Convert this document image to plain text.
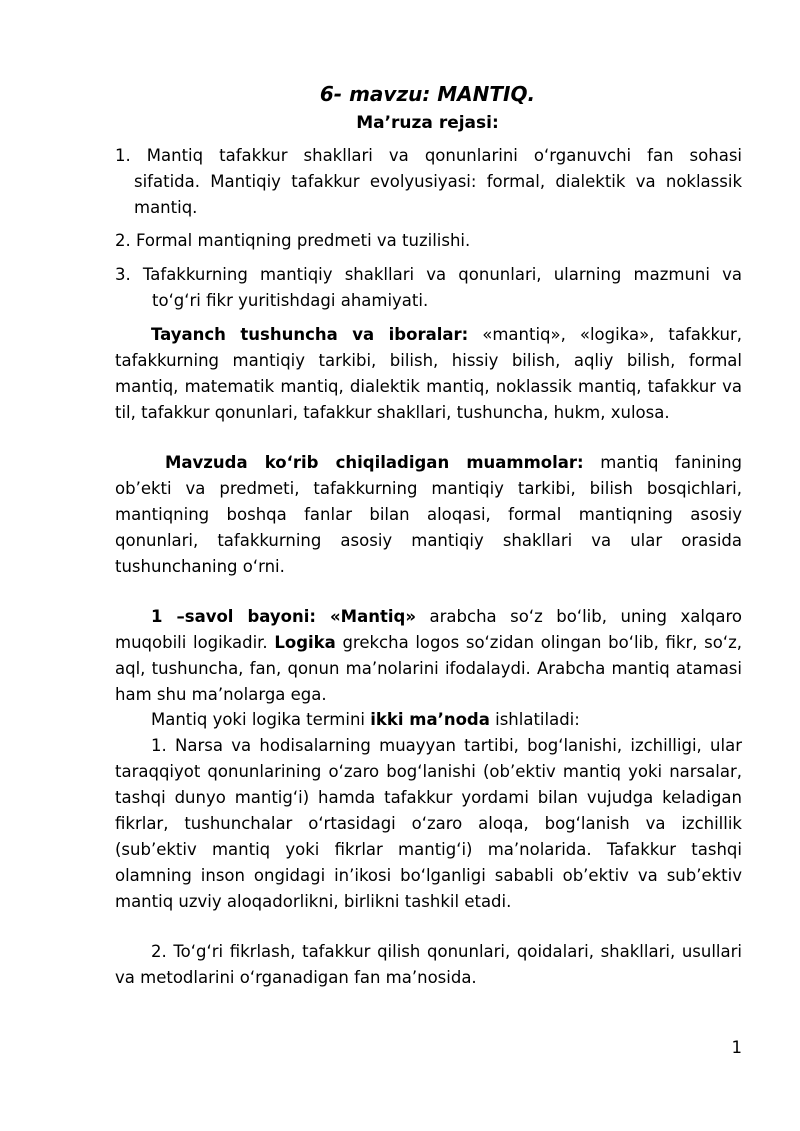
6- mavzu: MANTIQ.
Ma’ruza rejasi:
1. Mantiq tafakkur shakllari va qonunlarini o‘rganuvchi fan sohasi
sifatida. Mantiqiy tafakkur evolyusiyasi: formal, dialektik va noklassik mantiq.
2. Formal mantiqning predmeti va tuzilishi.
3. Tafakkurning mantiqiy shakllari va qonunlari, ularning mazmuni va
to‘g‘ri fikr yuritishdagi ahamiyati.
Tayanch tushuncha va iboralar: «mantiq», «logika», tafakkur, tafakkurning mantiqiy tarkibi, bilish, hissiy bilish, aqliy bilish, formal mantiq, matematik mantiq, dialektik mantiq, noklassik mantiq, tafakkur va til, tafakkur qonunlari, tafakkur shakllari, tushuncha, hukm, xulosa.
Mavzuda ko‘rib chiqiladigan muammolar: mantiq fanining ob’ekti va predmeti, tafakkurning mantiqiy tarkibi, bilish bosqichlari, mantiqning boshqa fanlar bilan aloqasi, formal mantiqning asosiy qonunlari, tafakkurning asosiy mantiqiy shakllari va ular orasida tushunchaning o‘rni.
1 –savol bayoni: «Mantiq» arabcha so‘z bo‘lib, uning xalqaro muqobili logikadir. Logika grekcha logos so‘zidan olingan bo‘lib, fikr, so‘z, aql, tushuncha, fan, qonun ma’nolarini ifodalaydi. Arabcha mantiq atamasi ham shu ma’nolarga ega.
Mantiq yoki logika termini ikki ma’noda ishlatiladi:
1. Narsa va hodisalarning muayyan tartibi, bog‘lanishi, izchilligi, ular taraqqiyot qonunlarining o‘zaro bog‘lanishi (ob’ektiv mantiq yoki narsalar, tashqi dunyo mantig‘i) hamda tafakkur yordami bilan vujudga keladigan fikrlar, tushunchalar o‘rtasidagi o‘zaro aloqa, bog‘lanish va izchillik (sub’ektiv mantiq yoki fikrlar mantig‘i) ma’nolarida. Tafakkur tashqi olamning inson ongidagi in’ikosi bo‘lganligi sababli ob’ektiv va sub’ektiv mantiq uzviy aloqadorlikni, birlikni tashkil etadi.
2. To‘g‘ri fikrlash, tafakkur qilish qonunlari, qoidalari, shakllari, usullari va metodlarini o‘rganadigan fan ma’nosida.
1
